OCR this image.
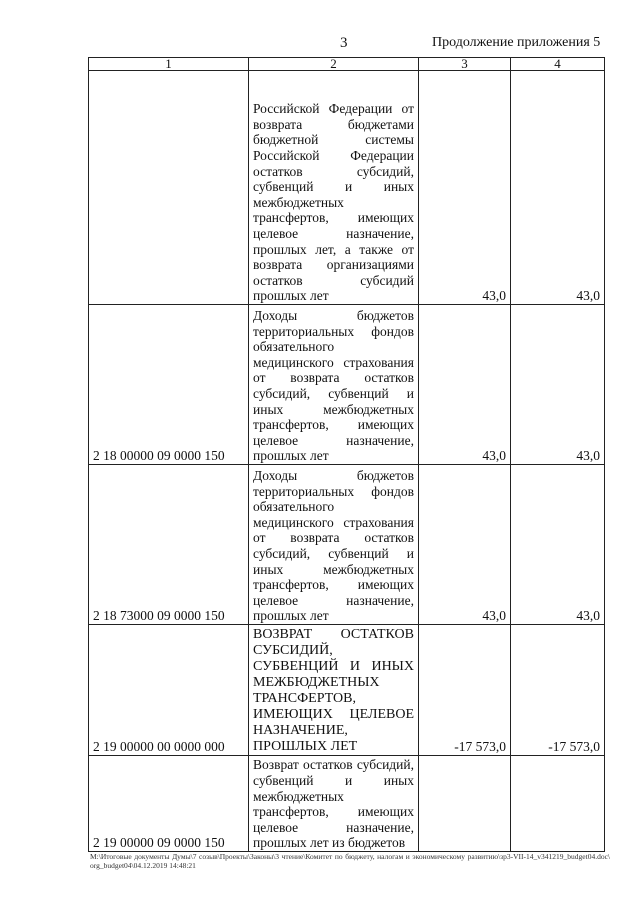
3	Продолжение приложения 5
1	2	3	4
	Российской Федерации от возврата бюджетами бюджетной системы Российской Федерации остатков субсидий, субвенций и иных межбюджетных трансфертов, имеющих целевое назначение, прошлых лет, а также от возврата организациями остатков субсидий прошлых лет	43,0	43,0
2 18 00000 09 0000 150	Доходы бюджетов территориальных фондов обязательного медицинского страхования от возврата остатков субсидий, субвенций и иных межбюджетных трансфертов, имеющих целевое назначение, прошлых лет	43,0	43,0
2 18 73000 09 0000 150	Доходы бюджетов территориальных фондов обязательного медицинского страхования от возврата остатков субсидий, субвенций и иных межбюджетных трансфертов, имеющих целевое назначение, прошлых лет	43,0	43,0
2 19 00000 00 0000 000	ВОЗВРАТ ОСТАТКОВ СУБСИДИЙ, СУБВЕНЦИЙ И ИНЫХ МЕЖБЮДЖЕТНЫХ ТРАНСФЕРТОВ, ИМЕЮЩИХ ЦЕЛЕВОЕ НАЗНАЧЕНИЕ, ПРОШЛЫХ ЛЕТ	-17 573,0	-17 573,0
2 19 00000 09 0000 150	Возврат остатков субсидий, субвенций и иных межбюджетных трансфертов, имеющих целевое назначение, прошлых лет из бюджетов		
M:\Итоговые документы Думы\7 созыв\Проекты\Законы\3 чтение\Комитет по бюджету, налогам и экономическому развитию\зр3-VII-14_v341219_budget04.doc\ org_budget04\04.12.2019 14:48:21
